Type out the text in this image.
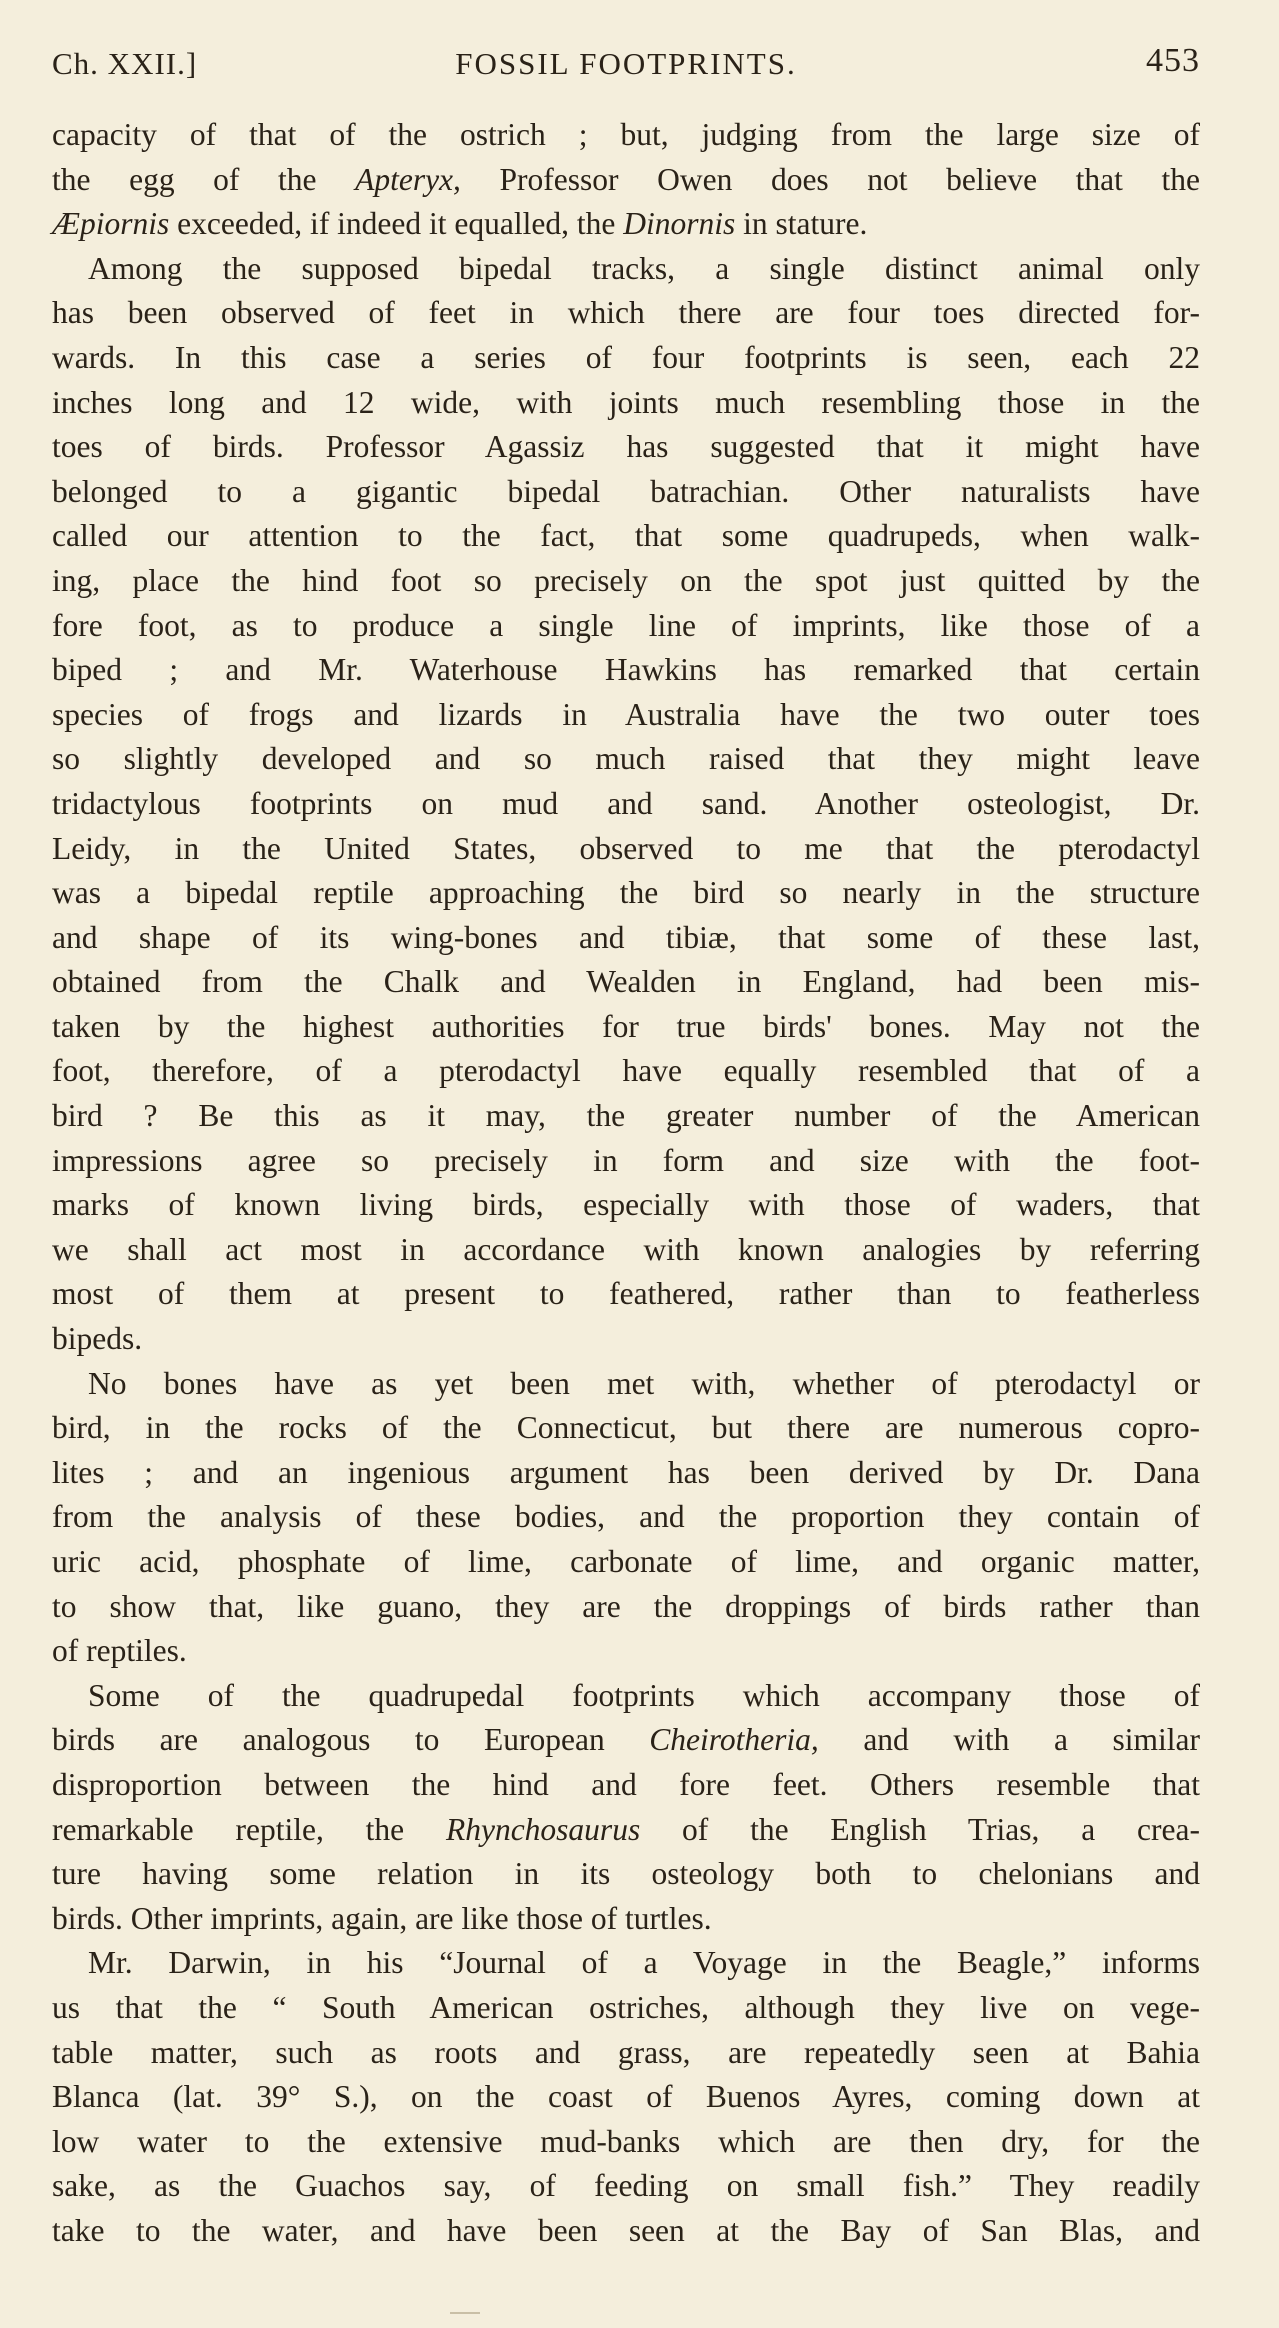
Ch. XXII.]	FOSSIL FOOTPRINTS.	453

capacity of that of the ostrich ; but, judging from the large size of
the egg of the Apteryx, Professor Owen does not believe that the
Æpiornis exceeded, if indeed it equalled, the Dinornis in stature.

Among the supposed bipedal tracks, a single distinct animal only
has been observed of feet in which there are four toes directed for-
wards. In this case a series of four footprints is seen, each 22
inches long and 12 wide, with joints much resembling those in the
toes of birds. Professor Agassiz has suggested that it might have
belonged to a gigantic bipedal batrachian. Other naturalists have
called our attention to the fact, that some quadrupeds, when walk-
ing, place the hind foot so precisely on the spot just quitted by the
fore foot, as to produce a single line of imprints, like those of a
biped ; and Mr. Waterhouse Hawkins has remarked that certain
species of frogs and lizards in Australia have the two outer toes
so slightly developed and so much raised that they might leave
tridactylous footprints on mud and sand. Another osteologist, Dr.
Leidy, in the United States, observed to me that the pterodactyl
was a bipedal reptile approaching the bird so nearly in the structure
and shape of its wing-bones and tibiæ, that some of these last,
obtained from the Chalk and Wealden in England, had been mis-
taken by the highest authorities for true birds' bones. May not the
foot, therefore, of a pterodactyl have equally resembled that of a
bird ? Be this as it may, the greater number of the American
impressions agree so precisely in form and size with the foot-
marks of known living birds, especially with those of waders, that
we shall act most in accordance with known analogies by referring
most of them at present to feathered, rather than to featherless
bipeds.

No bones have as yet been met with, whether of pterodactyl or
bird, in the rocks of the Connecticut, but there are numerous copro-
lites ; and an ingenious argument has been derived by Dr. Dana
from the analysis of these bodies, and the proportion they contain of
uric acid, phosphate of lime, carbonate of lime, and organic matter,
to show that, like guano, they are the droppings of birds rather than
of reptiles.

Some of the quadrupedal footprints which accompany those of
birds are analogous to European Cheirotheria, and with a similar
disproportion between the hind and fore feet. Others resemble that
remarkable reptile, the Rhynchosaurus of the English Trias, a crea-
ture having some relation in its osteology both to chelonians and
birds. Other imprints, again, are like those of turtles.

Mr. Darwin, in his “Journal of a Voyage in the Beagle,” informs
us that the “ South American ostriches, although they live on vege-
table matter, such as roots and grass, are repeatedly seen at Bahia
Blanca (lat. 39° S.), on the coast of Buenos Ayres, coming down at
low water to the extensive mud-banks which are then dry, for the
sake, as the Guachos say, of feeding on small fish.” They readily
take to the water, and have been seen at the Bay of San Blas, and
